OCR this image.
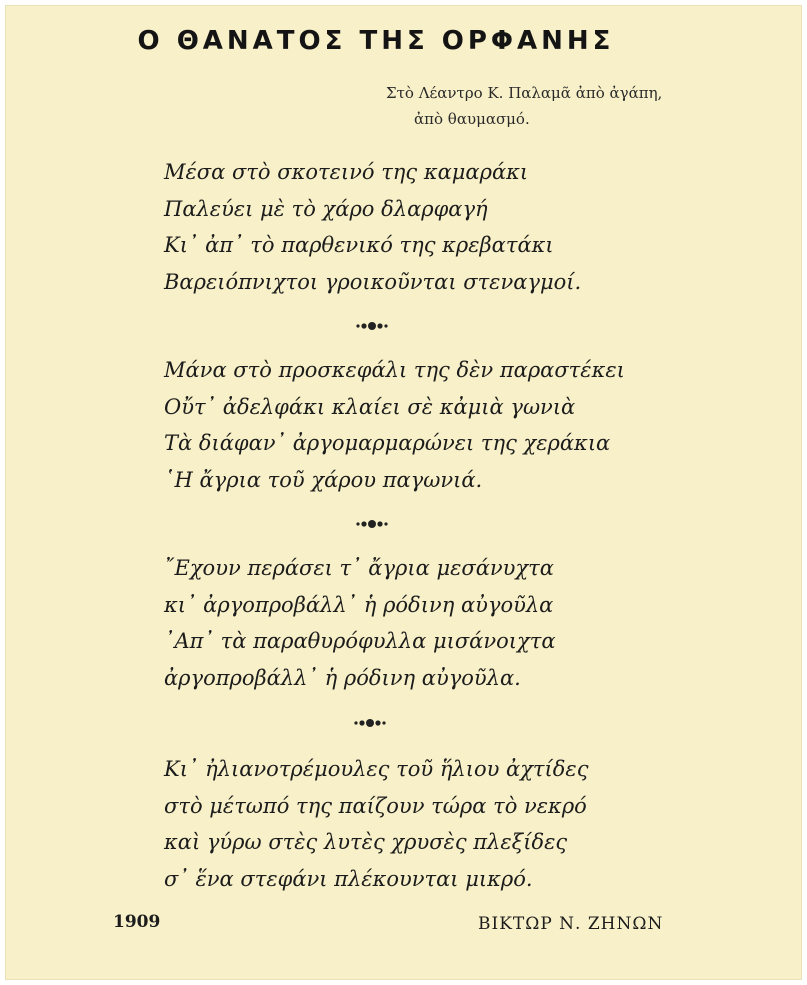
Ο ΘΑΝΑΤΟΣ ΤΗΣ ΟΡΦΑΝΗΣ
Στὸ Λέαντρο Κ. Παλαμᾶ ἀπὸ ἀγάπη,
ἀπὸ θαυμασμό.
Μέσα στὸ σκοτεινό της καμαράκι
Παλεύει μὲ τὸ χάρο δλαρφαγή
Κι᾽ ἀπ᾽ τὸ παρθενικό της κρεβατάκι
Βαρειόπνιχτοι γροικοῦνται στεναγμοί.
Μάνα στὸ προσκεφάλι της δὲν παραστέκει
Οὔτ᾽ ἀδελφάκι κλαίει σὲ κἀμιὰ γωνιὰ
Τὰ διάφαν᾽ ἀργομαρμαρώνει της χεράκια
῾Η ἄγρια τοῦ χάρου παγωνιά.
῎Εχουν περάσει τ᾽ ἄγρια μεσάνυχτα
κι᾽ ἀργοπροβάλλ᾽ ἡ ρόδινη αὐγοῦλα
᾽Απ᾽ τὰ παραθυρόφυλλα μισάνοιχτα
ἀργοπροβάλλ᾽ ἡ ρόδινη αὐγοῦλα.
Κι᾽ ἠλιανοτρέμουλες τοῦ ἥλιου ἀχτίδες
στὸ μέτωπό της παίζουν τώρα τὸ νεκρό
καὶ γύρω στὲς λυτὲς χρυσὲς πλεξίδες
σ᾽ ἕνα στεφάνι πλέκουνται μικρό.
1909	ΒΙΚΤΩΡ Ν. ΖΗΝΩΝ
